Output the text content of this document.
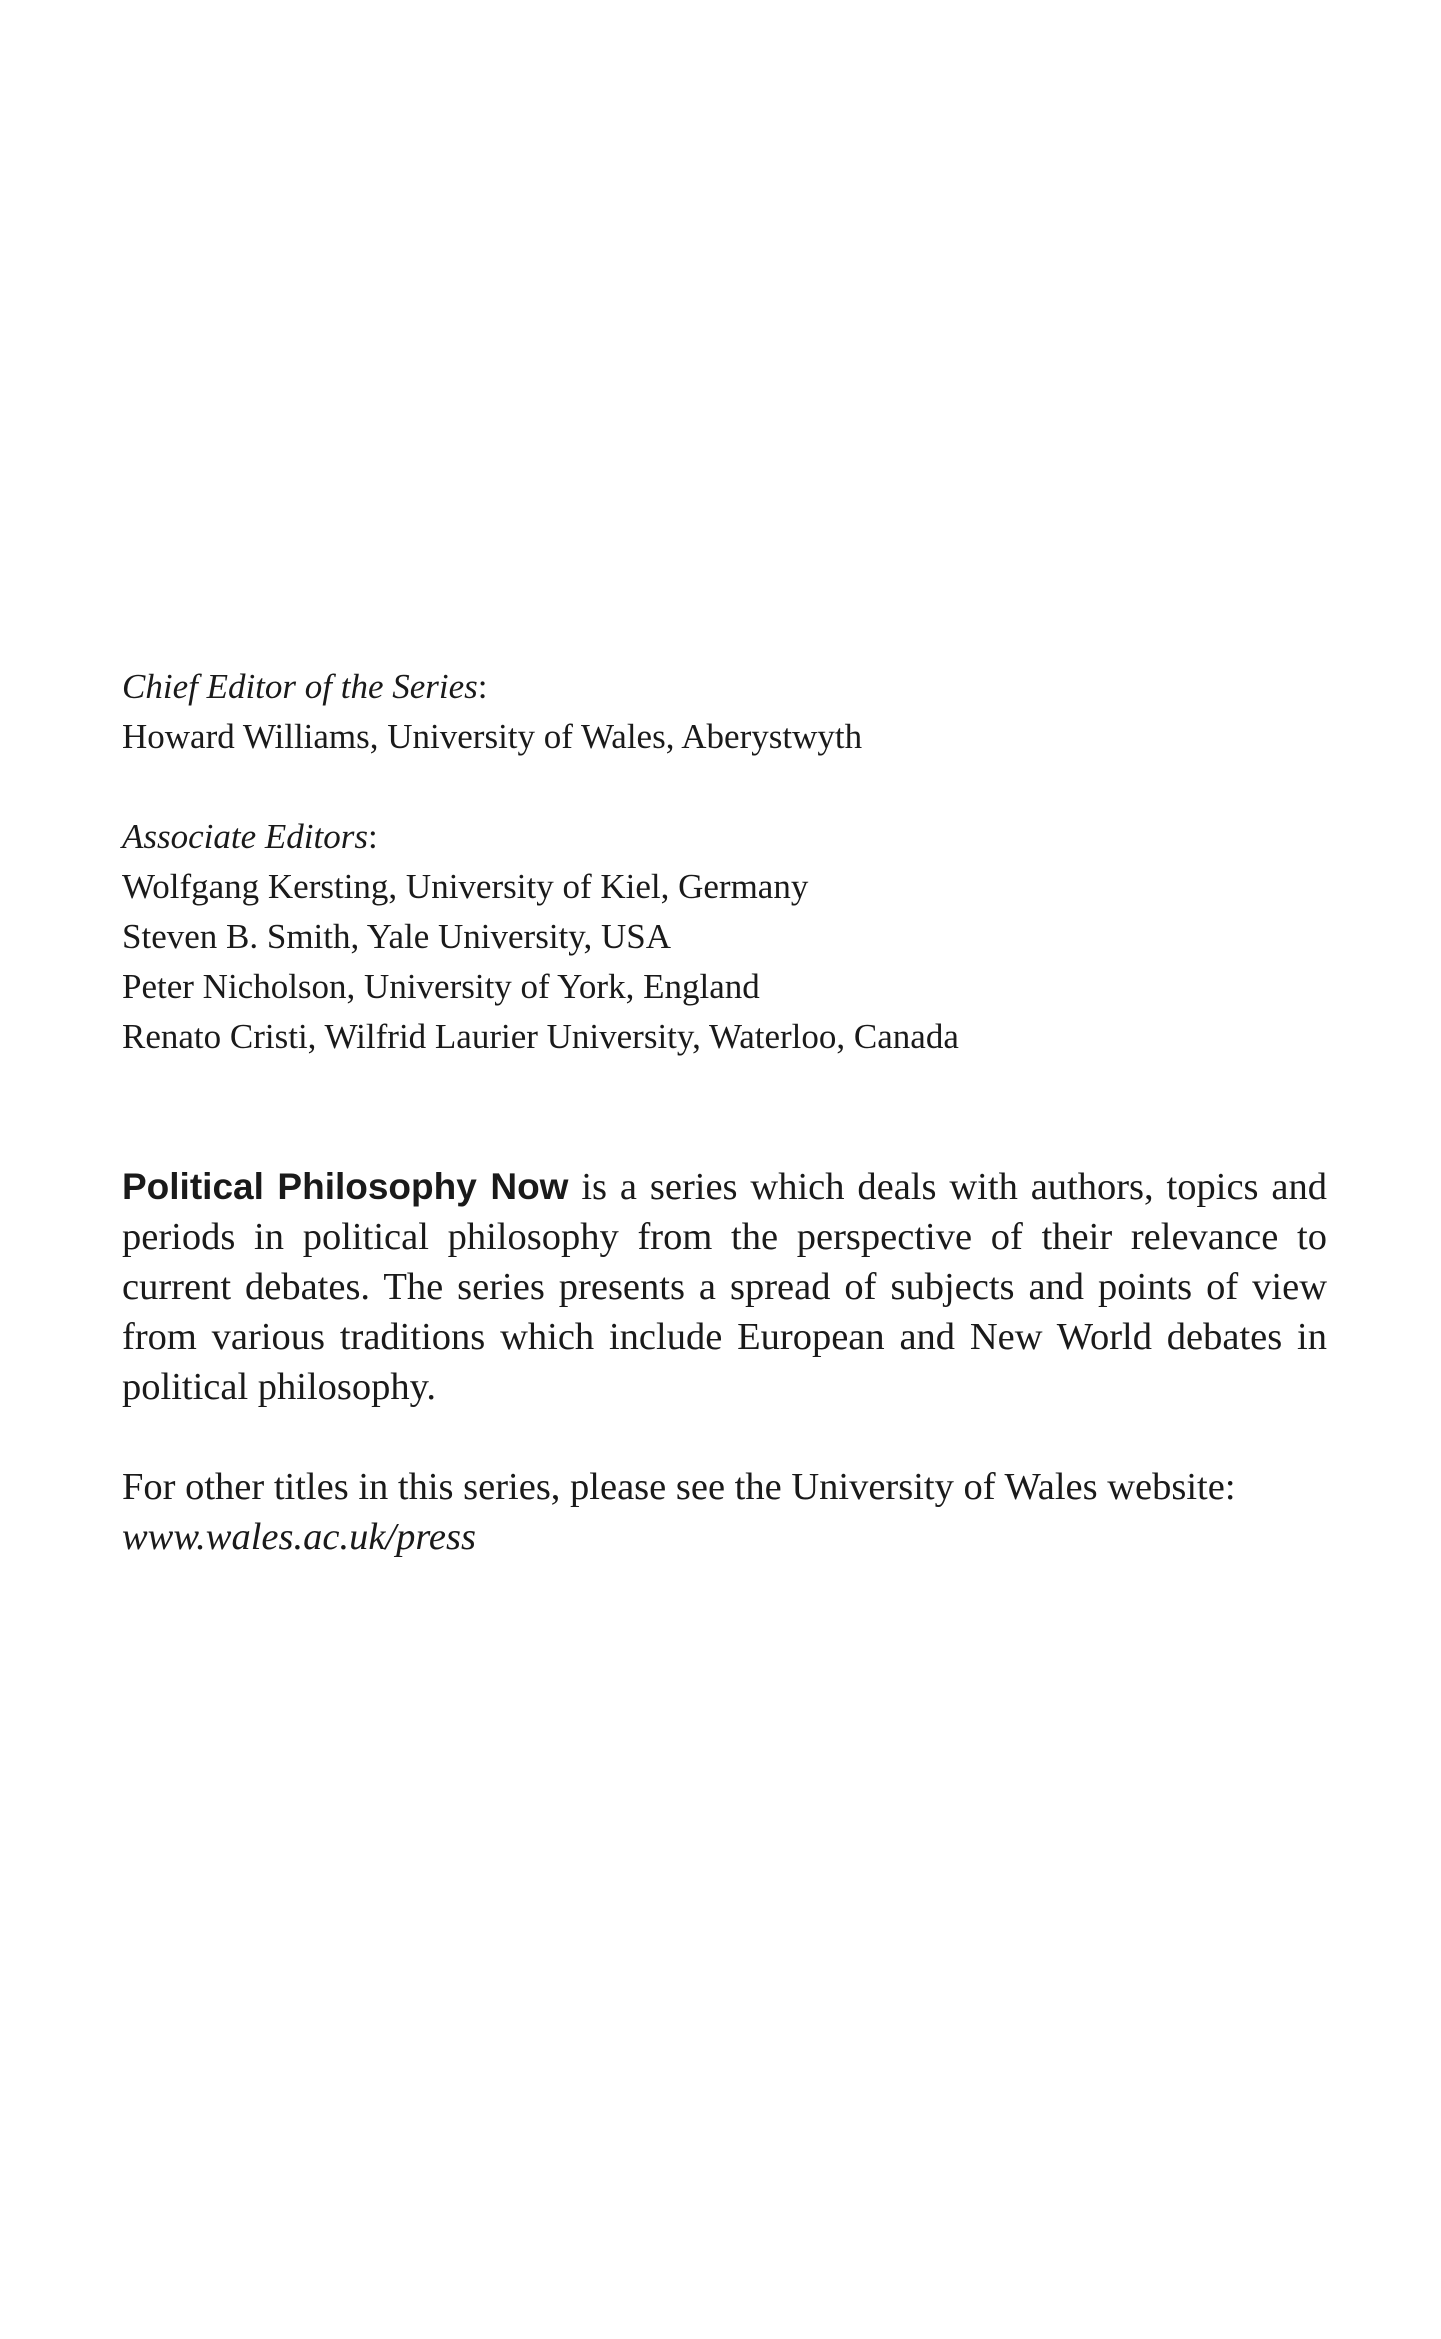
Chief Editor of the Series:
Howard Williams, University of Wales, Aberystwyth
Associate Editors:
Wolfgang Kersting, University of Kiel, Germany
Steven B. Smith, Yale University, USA
Peter Nicholson, University of York, England
Renato Cristi, Wilfrid Laurier University, Waterloo, Canada

Political Philosophy Now is a series which deals with authors, topics and periods in political philosophy from the perspective of their relevance to current debates. The series presents a spread of subjects and points of view from various traditions which include European and New World debates in political philosophy.

For other titles in this series, please see the University of Wales website:

www.wales.ac.uk/press
